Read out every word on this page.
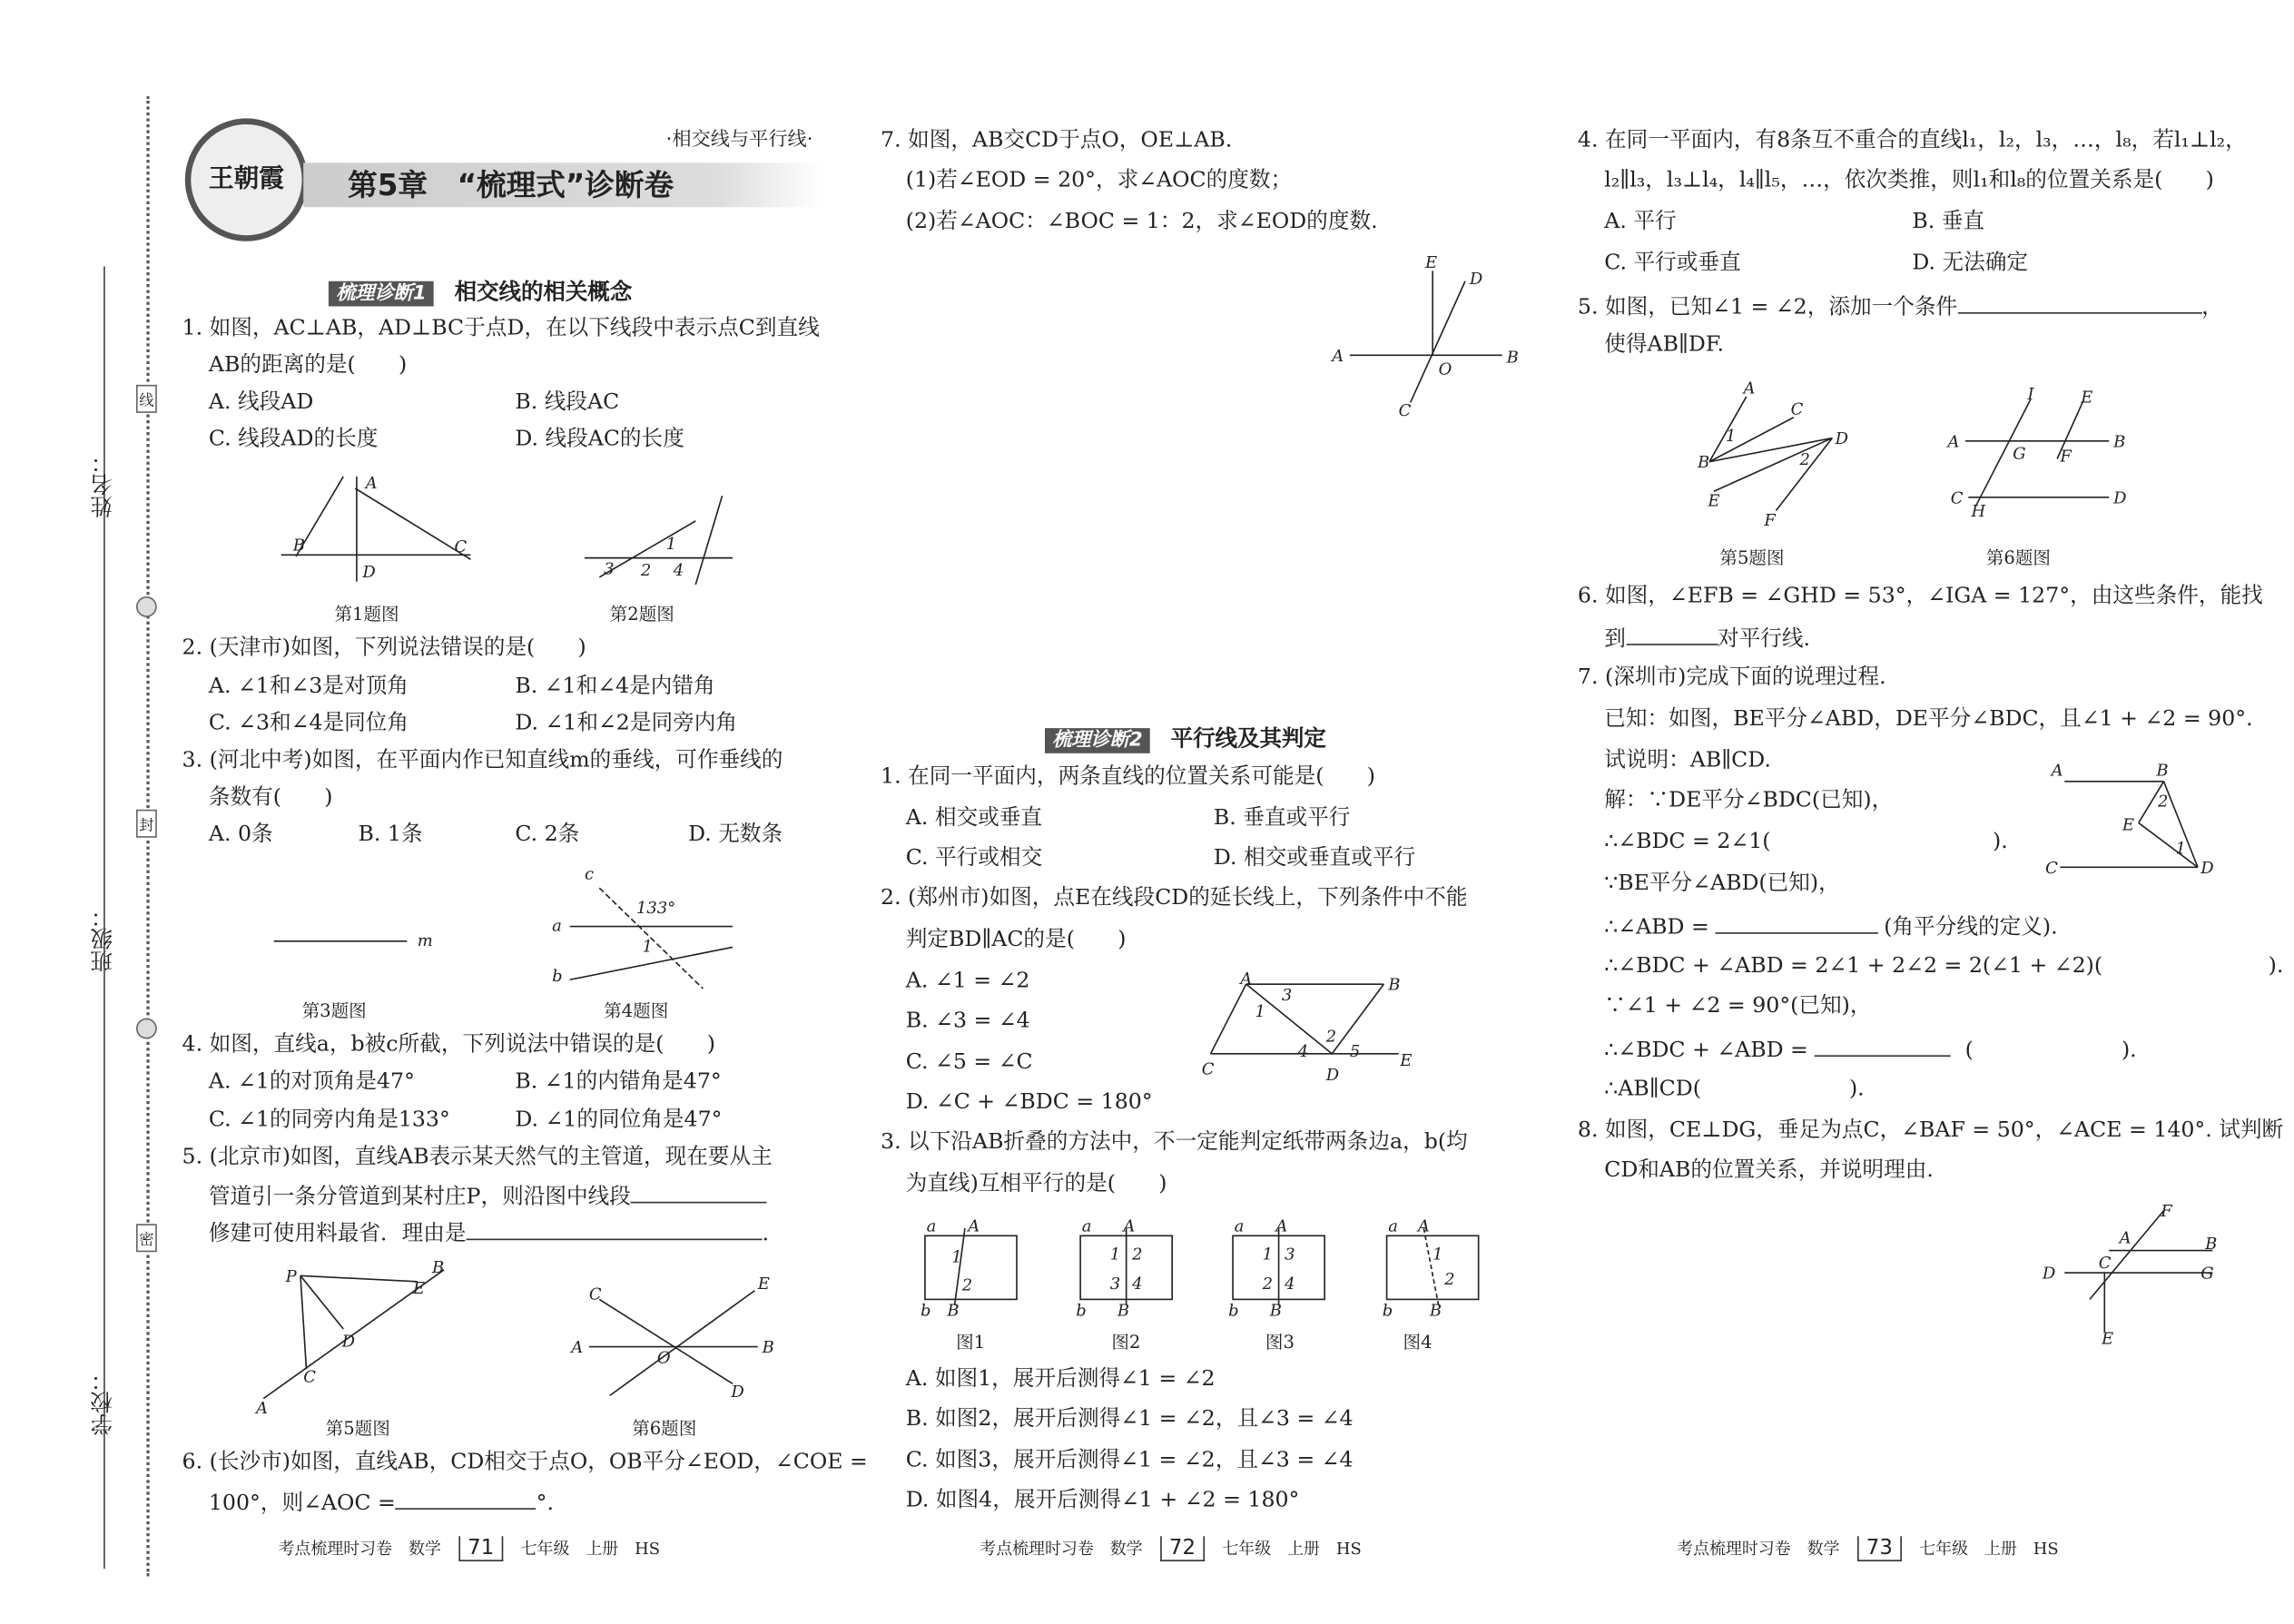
姓名：
班级：
学校：
线
封
密
王朝霞
·相交线与平行线·
第5章　“梳理式”诊断卷
梳理诊断1 相交线的相关概念
1. 如图，AC⊥AB，AD⊥BC于点D，在以下线段中表示点C到直线
AB的距离的是(　　)
A. 线段AD	B. 线段AC
C. 线段AD的长度	D. 线段AC的长度
第1题图	第2题图
2. (天津市)如图，下列说法错误的是(　　)
A. ∠1和∠3是对顶角	B. ∠1和∠4是内错角
C. ∠3和∠4是同位角	D. ∠1和∠2是同旁内角
3. (河北中考)如图，在平面内作已知直线m的垂线，可作垂线的
条数有(　　)
A. 0条	B. 1条	C. 2条	D. 无数条
第3题图	第4题图
4. 如图，直线a，b被c所截，下列说法中错误的是(　　)
A. ∠1的对顶角是47°	B. ∠1的内错角是47°
C. ∠1的同旁内角是133°	D. ∠1的同位角是47°
5. (北京市)如图，直线AB表示某天然气的主管道，现在要从主
管道引一条分管道到某村庄P，则沿图中线段
修建可使用料最省．理由是	．
第5题图	第6题图
6. (长沙市)如图，直线AB，CD相交于点O，OB平分∠EOD，∠COE =
100°，则∠AOC =	°.
考点梳理时习卷　数学 71	七年级　上册　HS
7. 如图，AB交CD于点O，OE⊥AB.
(1)若∠EOD = 20°，求∠AOC的度数；
(2)若∠AOC：∠BOC = 1：2，求∠EOD的度数.
梳理诊断2 平行线及其判定
1. 在同一平面内，两条直线的位置关系可能是(　　)
A. 相交或垂直	B. 垂直或平行
C. 平行或相交	D. 相交或垂直或平行
2. (郑州市)如图，点E在线段CD的延长线上，下列条件中不能
判定BD∥AC的是(　　)
A. ∠1 = ∠2
B. ∠3 = ∠4
C. ∠5 = ∠C
D. ∠C + ∠BDC = 180°
3. 以下沿AB折叠的方法中，不一定能判定纸带两条边a，b(均
为直线)互相平行的是(　　)
图1	图2	图3	图4
A. 如图1，展开后测得∠1 = ∠2
B. 如图2，展开后测得∠1 = ∠2，且∠3 = ∠4
C. 如图3，展开后测得∠1 = ∠2，且∠3 = ∠4
D. 如图4，展开后测得∠1 + ∠2 = 180°
考点梳理时习卷　数学 72	七年级　上册　HS
4. 在同一平面内，有8条互不重合的直线l₁，l₂，l₃，…，l₈，若l₁⊥l₂，
l₂∥l₃，l₃⊥l₄，l₄∥l₅，…，依次类推，则l₁和l₈的位置关系是(　　)
A. 平行	B. 垂直
C. 平行或垂直	D. 无法确定
5. 如图，已知∠1 = ∠2，添加一个条件	，
使得AB∥DF.
第5题图	第6题图
6. 如图，∠EFB = ∠GHD = 53°，∠IGA = 127°，由这些条件，能找
到	对平行线.
7. (深圳市)完成下面的说理过程.
已知：如图，BE平分∠ABD，DE平分∠BDC，且∠1 + ∠2 = 90°.
试说明：AB∥CD.
解：∵DE平分∠BDC(已知)，
∴∠BDC = 2∠1(	).
∵BE平分∠ABD(已知)，
∴∠ABD =	(角平分线的定义).
∴∠BDC + ∠ABD = 2∠1 + 2∠2 = 2(∠1 + ∠2)(	).
∵∠1 + ∠2 = 90°(已知)，
∴∠BDC + ∠ABD =	(	).
∴AB∥CD(	).
8. 如图，CE⊥DG，垂足为点C，∠BAF = 50°，∠ACE = 140°. 试判断
CD和AB的位置关系，并说明理由.
考点梳理时习卷　数学 73	七年级　上册　HS
A
B	C
D
1
2
3	4
m
c
a
b
1
133°
P	B
E
D
C
A
C
E
A
O
B
D
E
D
A	B
O
C
A	B
C	D
E
1
3
2
4	5
a	A
b B
1
2
a	A
b	B
1 2
3 4
a	A
b	B
1 3
2 4
a A
b	B
1
2
A
C
1
B
D
2
E
F
I	E
A	B
G	F
C
H
D
A	B
2
E
1
C	D
F
A	B
C
D	G
E
